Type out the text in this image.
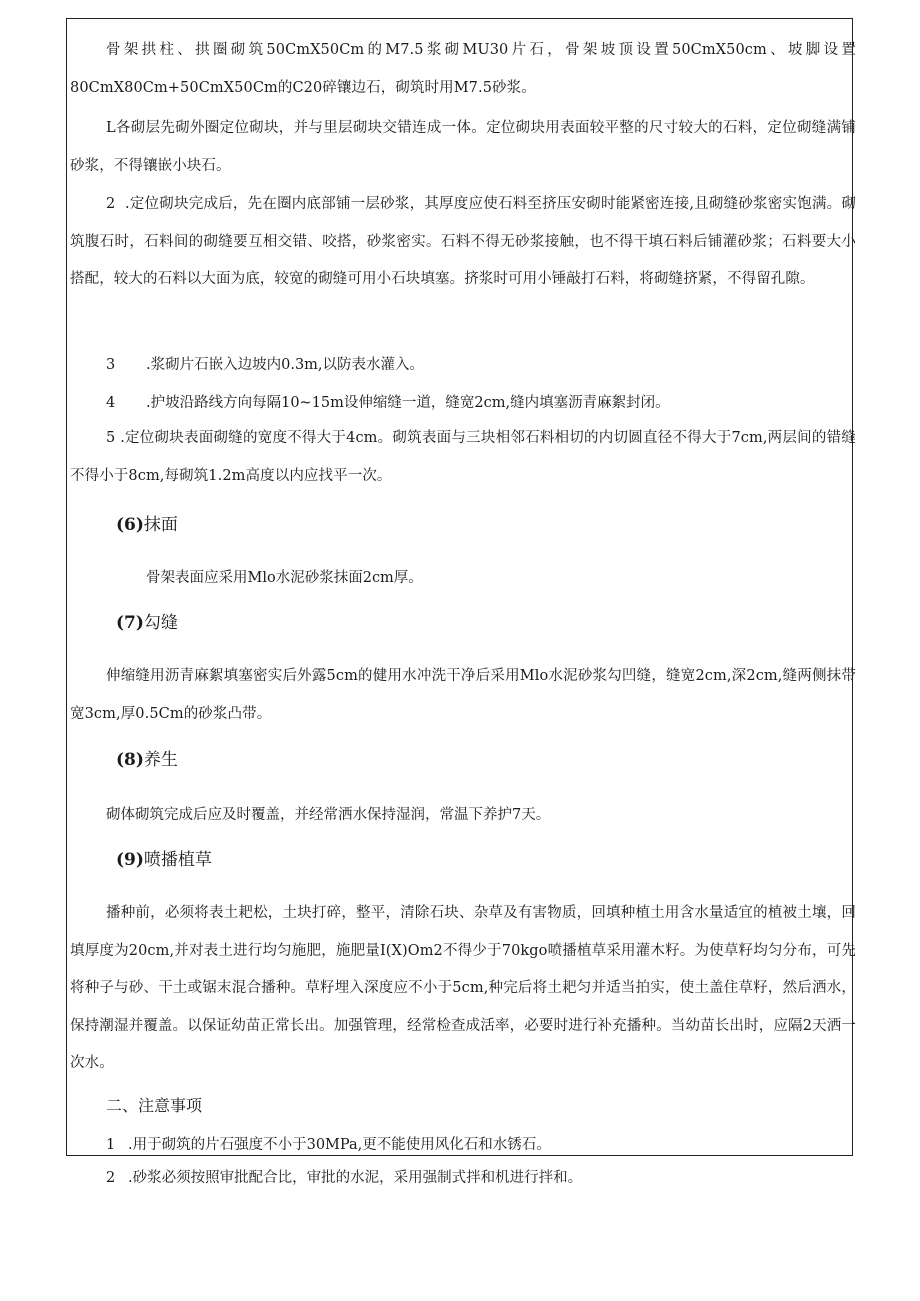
骨架拱柱、拱圈砌筑50CmX50Cm的M7.5浆砌MU30片石，骨架坡顶设置50CmX50cm、坡脚设置80CmX80Cm+50CmX50Cm的C20碎镶边石，砌筑时用M7.5砂浆。
L各砌层先砌外圈定位砌块，并与里层砌块交错连成一体。定位砌块用表面较平整的尺寸较大的石料，定位砌缝满铺砂浆，不得镶嵌小块石。
2 .定位砌块完成后，先在圈内底部铺一层砂浆，其厚度应使石料至挤压安砌时能紧密连接,且砌缝砂浆密实饱满。砌筑腹石时，石料间的砌缝要互相交错、咬搭，砂浆密实。石料不得无砂浆接触，也不得干填石料后铺灌砂浆；石料要大小搭配，较大的石料以大面为底，较宽的砌缝可用小石块填塞。挤浆时可用小锤敲打石料，将砌缝挤紧，不得留孔隙。
3 .浆砌片石嵌入边坡内0.3m,以防表水灌入。
4 .护坡沿路线方向每隔10~15m设伸缩缝一道，缝宽2cm,缝内填塞沥青麻絮封闭。
5 .定位砌块表面砌缝的宽度不得大于4cm。砌筑表面与三块相邻石料相切的内切圆直径不得大于7cm,两层间的错缝不得小于8cm,每砌筑1.2m高度以内应找平一次。
(6)抹面
骨架表面应采用Mlo水泥砂浆抹面2cm厚。
(7)勾缝
伸缩缝用沥青麻絮填塞密实后外露5cm的健用水冲洗干净后采用Mlo水泥砂浆勾凹缝，缝宽2cm,深2cm,缝两侧抹带宽3cm,厚0.5Cm的砂浆凸带。
(8)养生
砌体砌筑完成后应及时覆盖，并经常洒水保持湿润，常温下养护7天。
(9)喷播植草
播种前，必须将表土耙松，土块打碎，整平，清除石块、杂草及有害物质，回填种植土用含水量适宜的植被土壤，回填厚度为20cm,并对表土进行均匀施肥，施肥量I(X)Om2不得少于70kgo喷播植草采用灌木籽。为使草籽均匀分布，可先将种子与砂、干土或锯末混合播种。草籽埋入深度应不小于5cm,种完后将土耙匀并适当拍实，使土盖住草籽，然后洒水，保持潮湿并覆盖。以保证幼苗正常长出。加强管理，经常检查成活率，必要时进行补充播种。当幼苗长出时，应隔2天洒一次水。
二、注意事项
1 .用于砌筑的片石强度不小于30MPa,更不能使用风化石和水锈石。
2 .砂浆必须按照审批配合比，审批的水泥，采用强制式拌和机进行拌和。
